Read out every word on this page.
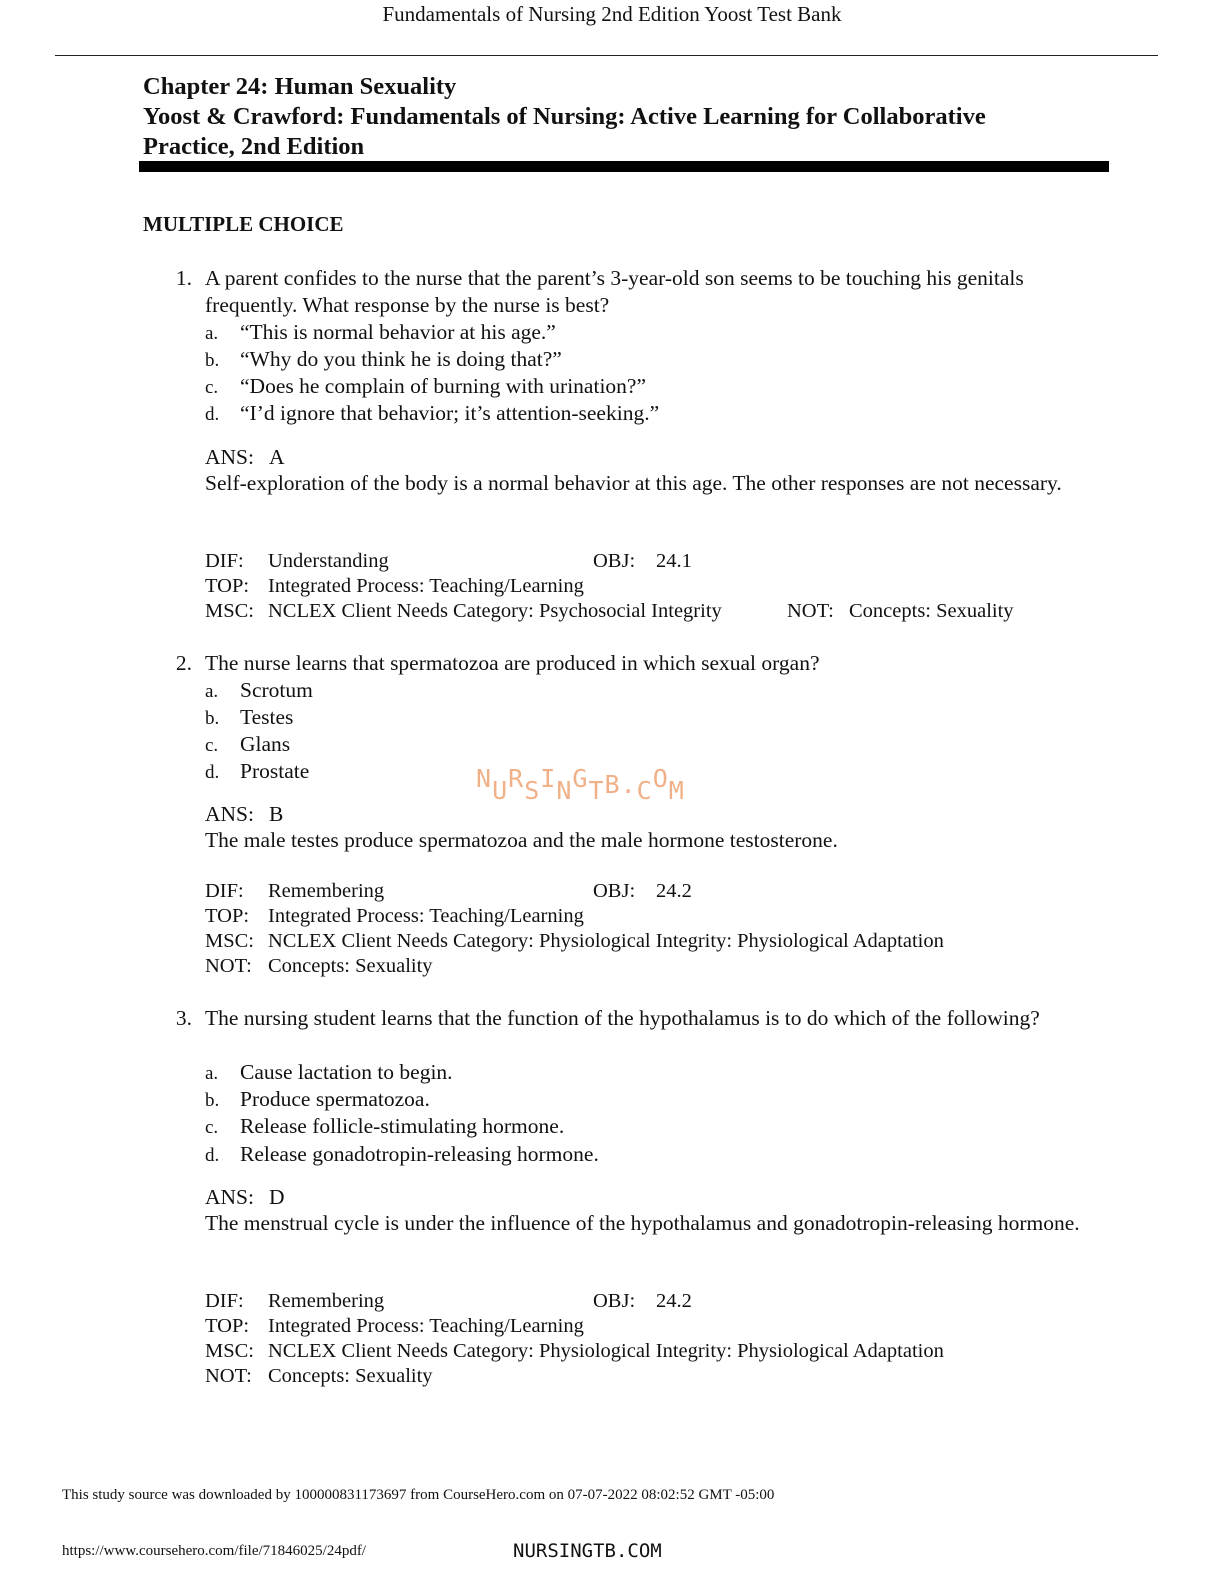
Fundamentals of Nursing 2nd Edition Yoost Test Bank
Chapter 24: Human Sexuality
Yoost & Crawford: Fundamentals of Nursing: Active Learning for Collaborative
Practice, 2nd Edition
MULTIPLE CHOICE
1. A parent confides to the nurse that the parent’s 3-year-old son seems to be touching his genitals frequently. What response by the nurse is best?
a. “This is normal behavior at his age.”
b. “Why do you think he is doing that?”
c. “Does he complain of burning with urination?”
d. “I’d ignore that behavior; it’s attention-seeking.”
ANS: A
Self-exploration of the body is a normal behavior at this age. The other responses are not necessary.
DIF: Understanding	OBJ: 24.1
TOP: Integrated Process: Teaching/Learning
MSC: NCLEX Client Needs Category: Psychosocial Integrity	NOT: Concepts: Sexuality
2. The nurse learns that spermatozoa are produced in which sexual organ?
a. Scrotum
b. Testes
c. Glans
d. Prostate
ANS: B
The male testes produce spermatozoa and the male hormone testosterone.
DIF: Remembering	OBJ: 24.2
TOP: Integrated Process: Teaching/Learning
MSC: NCLEX Client Needs Category: Physiological Integrity: Physiological Adaptation
NOT: Concepts: Sexuality
3. The nursing student learns that the function of the hypothalamus is to do which of the following?
a. Cause lactation to begin.
b. Produce spermatozoa.
c. Release follicle-stimulating hormone.
d. Release gonadotropin-releasing hormone.
ANS: D
The menstrual cycle is under the influence of the hypothalamus and gonadotropin-releasing hormone.
DIF: Remembering	OBJ: 24.2
TOP: Integrated Process: Teaching/Learning
MSC: NCLEX Client Needs Category: Physiological Integrity: Physiological Adaptation
NOT: Concepts: Sexuality
NURSINGTB.COM
This study source was downloaded by 100000831173697 from CourseHero.com on 07-07-2022 08:02:52 GMT -05:00
https://www.coursehero.com/file/71846025/24pdf/	NURSINGTB.COM
